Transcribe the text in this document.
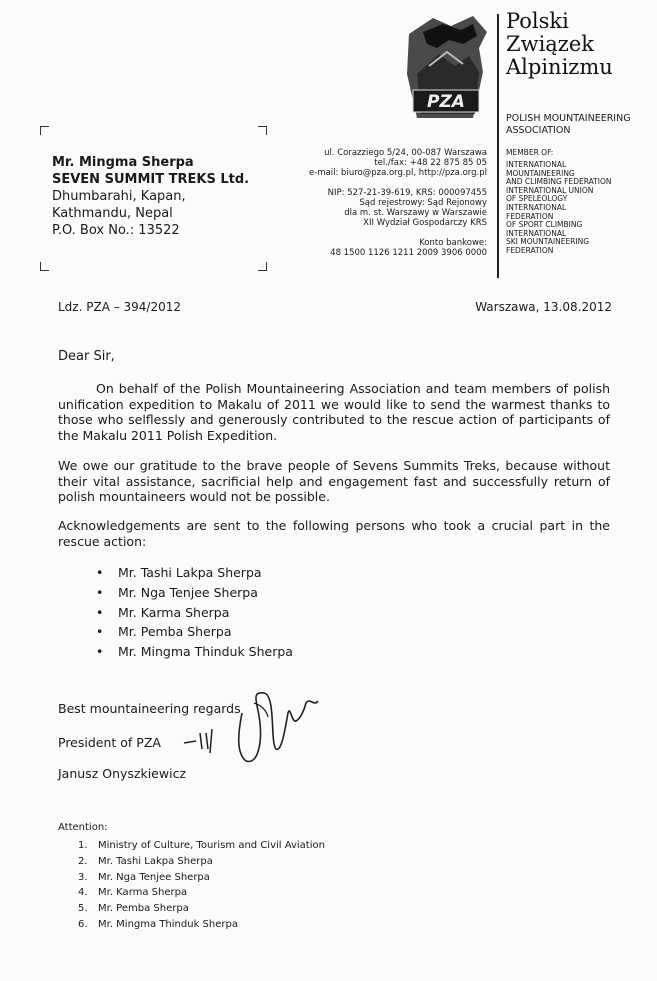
PZA
Polski
Związek
Alpinizmu
POLISH MOUNTAINEERING
ASSOCIATION
MEMBER OF:
INTERNATIONAL
MOUNTAINEERING
AND CLIMBING FEDERATION
INTERNATIONAL UNION
OF SPELEOLOGY
INTERNATIONAL
FEDERATION
OF SPORT CLIMBING
INTERNATIONAL
SKI MOUNTAINEERING
FEDERATION
ul. Corazziego 5/24, 00-087 Warszawa
tel./fax: +48 22 875 85 05
e-mail: biuro@pza.org.pl, http://pza.org.pl
NIP: 527-21-39-619, KRS: 000097455
Sąd rejestrowy: Sąd Rejonowy
dla m. st. Warszawy w Warszawie
XII Wydział Gospodarczy KRS
Konto bankowe:
48 1500 1126 1211 2009 3906 0000
Mr. Mingma Sherpa
SEVEN SUMMIT TREKS Ltd.
Dhumbarahi, Kapan,
Kathmandu, Nepal
P.O. Box No.: 13522
Ldz. PZA – 394/2012	Warszawa, 13.08.2012
Dear Sir,
On behalf of the Polish Mountaineering Association and team members of polish unification expedition to Makalu of 2011 we would like to send the warmest thanks to those who selflessly and generously contributed to the rescue action of participants of the Makalu 2011 Polish Expedition.
We owe our gratitude to the brave people of Sevens Summits Treks, because without their vital assistance, sacrificial help and engagement fast and successfully return of polish mountaineers would not be possible.
Acknowledgements are sent to the following persons who took a crucial part in the rescue action:
• Mr. Tashi Lakpa Sherpa
• Mr. Nga Tenjee Sherpa
• Mr. Karma Sherpa
• Mr. Pemba Sherpa
• Mr. Mingma Thinduk Sherpa
Best mountaineering regards
President of PZA
Janusz Onyszkiewicz
Attention:
1. Ministry of Culture, Tourism and Civil Aviation
2. Mr. Tashi Lakpa Sherpa
3. Mr. Nga Tenjee Sherpa
4. Mr. Karma Sherpa
5. Mr. Pemba Sherpa
6. Mr. Mingma Thinduk Sherpa
